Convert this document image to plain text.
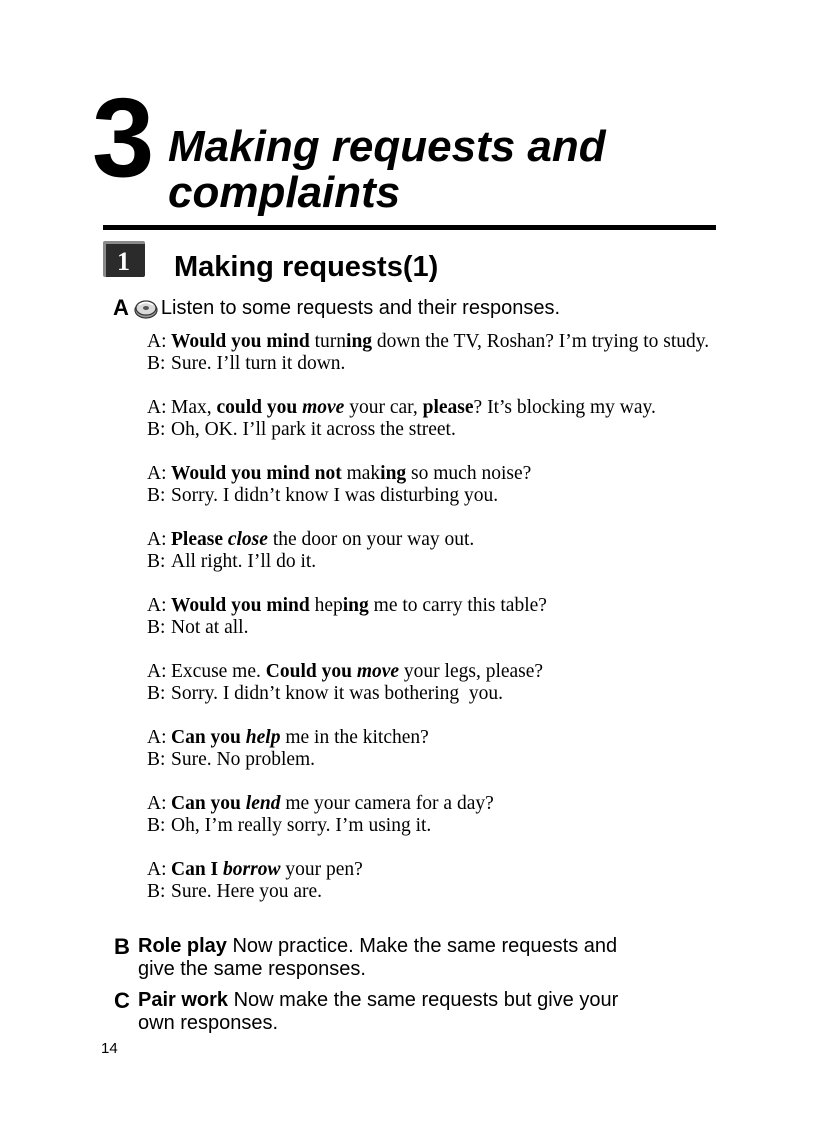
3 Making requests and
complaints
1 Making requests(1)
A Listen to some requests and their responses.
A: Would you mind turning down the TV, Roshan? I’m trying to study.
B: Sure. I’ll turn it down.
A: Max, could you move your car, please? It’s blocking my way.
B: Oh, OK. I’ll park it across the street.
A: Would you mind not making so much noise?
B: Sorry. I didn’t know I was disturbing you.
A: Please close the door on your way out.
B: All right. I’ll do it.
A: Would you mind heping me to carry this table?
B: Not at all.
A: Excuse me. Could you move your legs, please?
B: Sorry. I didn’t know it was bothering  you.
A: Can you help me in the kitchen?
B: Sure. No problem.
A: Can you lend me your camera for a day?
B: Oh, I’m really sorry. I’m using it.
A: Can I borrow your pen?
B: Sure. Here you are.
B Role play Now practice. Make the same requests and
give the same responses.
C Pair work Now make the same requests but give your
own responses.
14
